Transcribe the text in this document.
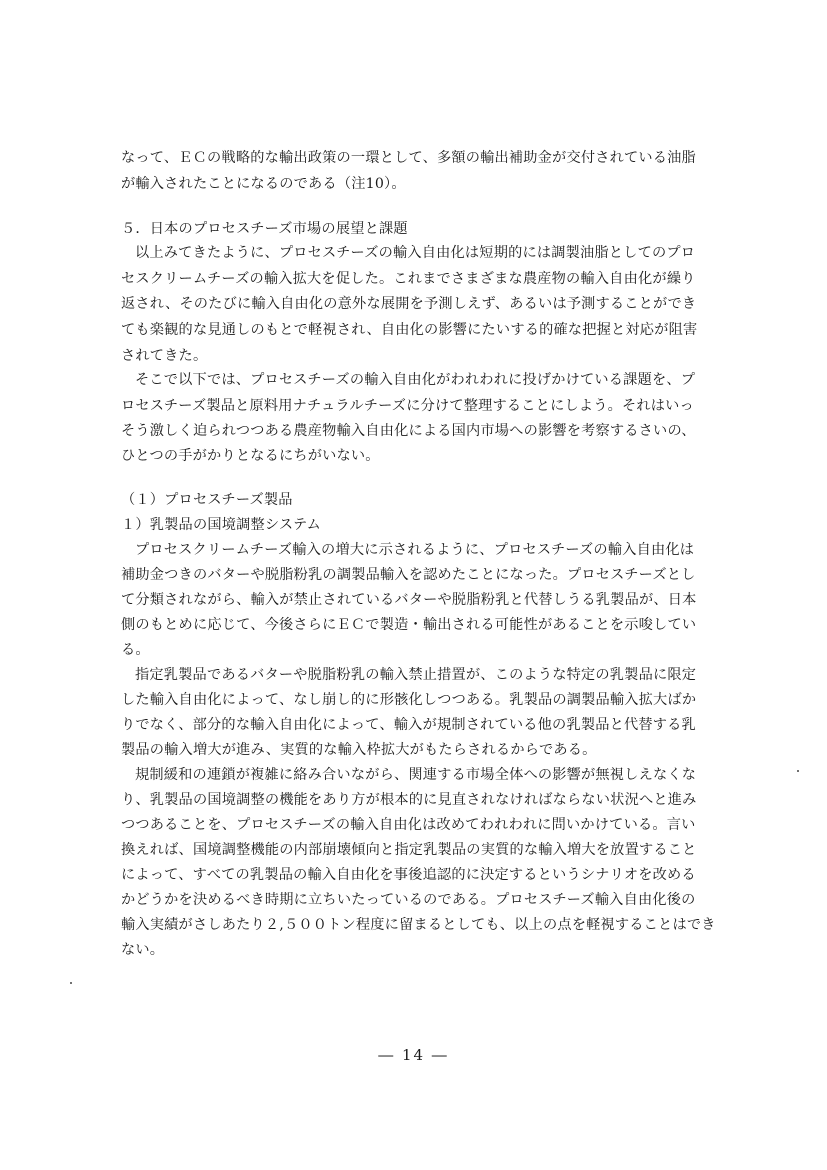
なって、ＥＣの戦略的な輸出政策の一環として、多額の輸出補助金が交付されている油脂
が輸入されたことになるのである（注10）。
５．日本のプロセスチーズ市場の展望と課題
以上みてきたように、プロセスチーズの輸入自由化は短期的には調製油脂としてのプロ
セスクリームチーズの輸入拡大を促した。これまでさまざまな農産物の輸入自由化が繰り
返され、そのたびに輸入自由化の意外な展開を予測しえず、あるいは予測することができ
ても楽観的な見通しのもとで軽視され、自由化の影響にたいする的確な把握と対応が阻害
されてきた。
そこで以下では、プロセスチーズの輸入自由化がわれわれに投げかけている課題を、プ
ロセスチーズ製品と原料用ナチュラルチーズに分けて整理することにしよう。それはいっ
そう激しく迫られつつある農産物輸入自由化による国内市場への影響を考察するさいの、
ひとつの手がかりとなるにちがいない。
（１）プロセスチーズ製品
１）乳製品の国境調整システム
プロセスクリームチーズ輸入の増大に示されるように、プロセスチーズの輸入自由化は
補助金つきのバターや脱脂粉乳の調製品輸入を認めたことになった。プロセスチーズとし
て分類されながら、輸入が禁止されているバターや脱脂粉乳と代替しうる乳製品が、日本
側のもとめに応じて、今後さらにＥＣで製造・輸出される可能性があることを示唆してい
る。
指定乳製品であるバターや脱脂粉乳の輸入禁止措置が、このような特定の乳製品に限定
した輸入自由化によって、なし崩し的に形骸化しつつある。乳製品の調製品輸入拡大ばか
りでなく、部分的な輸入自由化によって、輸入が規制されている他の乳製品と代替する乳
製品の輸入増大が進み、実質的な輸入枠拡大がもたらされるからである。
規制緩和の連鎖が複雑に絡み合いながら、関連する市場全体への影響が無視しえなくな
り、乳製品の国境調整の機能をあり方が根本的に見直されなければならない状況へと進み
つつあることを、プロセスチーズの輸入自由化は改めてわれわれに問いかけている。言い
換えれば、国境調整機能の内部崩壊傾向と指定乳製品の実質的な輸入増大を放置すること
によって、すべての乳製品の輸入自由化を事後追認的に決定するというシナリオを改める
かどうかを決めるべき時期に立ちいたっているのである。プロセスチーズ輸入自由化後の
輸入実績がさしあたり２,５００トン程度に留まるとしても、以上の点を軽視することはでき
ない。
― 14 ―
